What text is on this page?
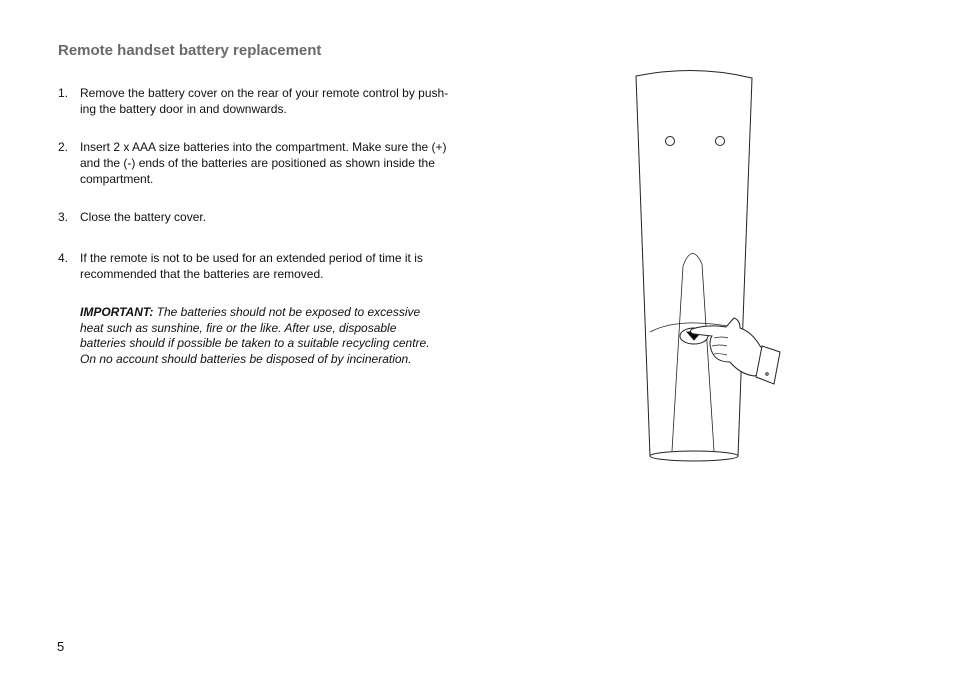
Remote handset battery replacement
1. Remove the battery cover on the rear of your remote control by push-
ing the battery door in and downwards.
2. Insert 2 x AAA size batteries into the compartment. Make sure the (+)
and the (-) ends of the batteries are positioned as shown inside the
compartment.
3. Close the battery cover.
4. If the remote is not to be used for an extended period of time it is
recommended that the batteries are removed.
IMPORTANT: The batteries should not be exposed to excessive
heat such as sunshine, fire or the like. After use, disposable
batteries should if possible be taken to a suitable recycling centre.
On no account should batteries be disposed of by incineration.
5
